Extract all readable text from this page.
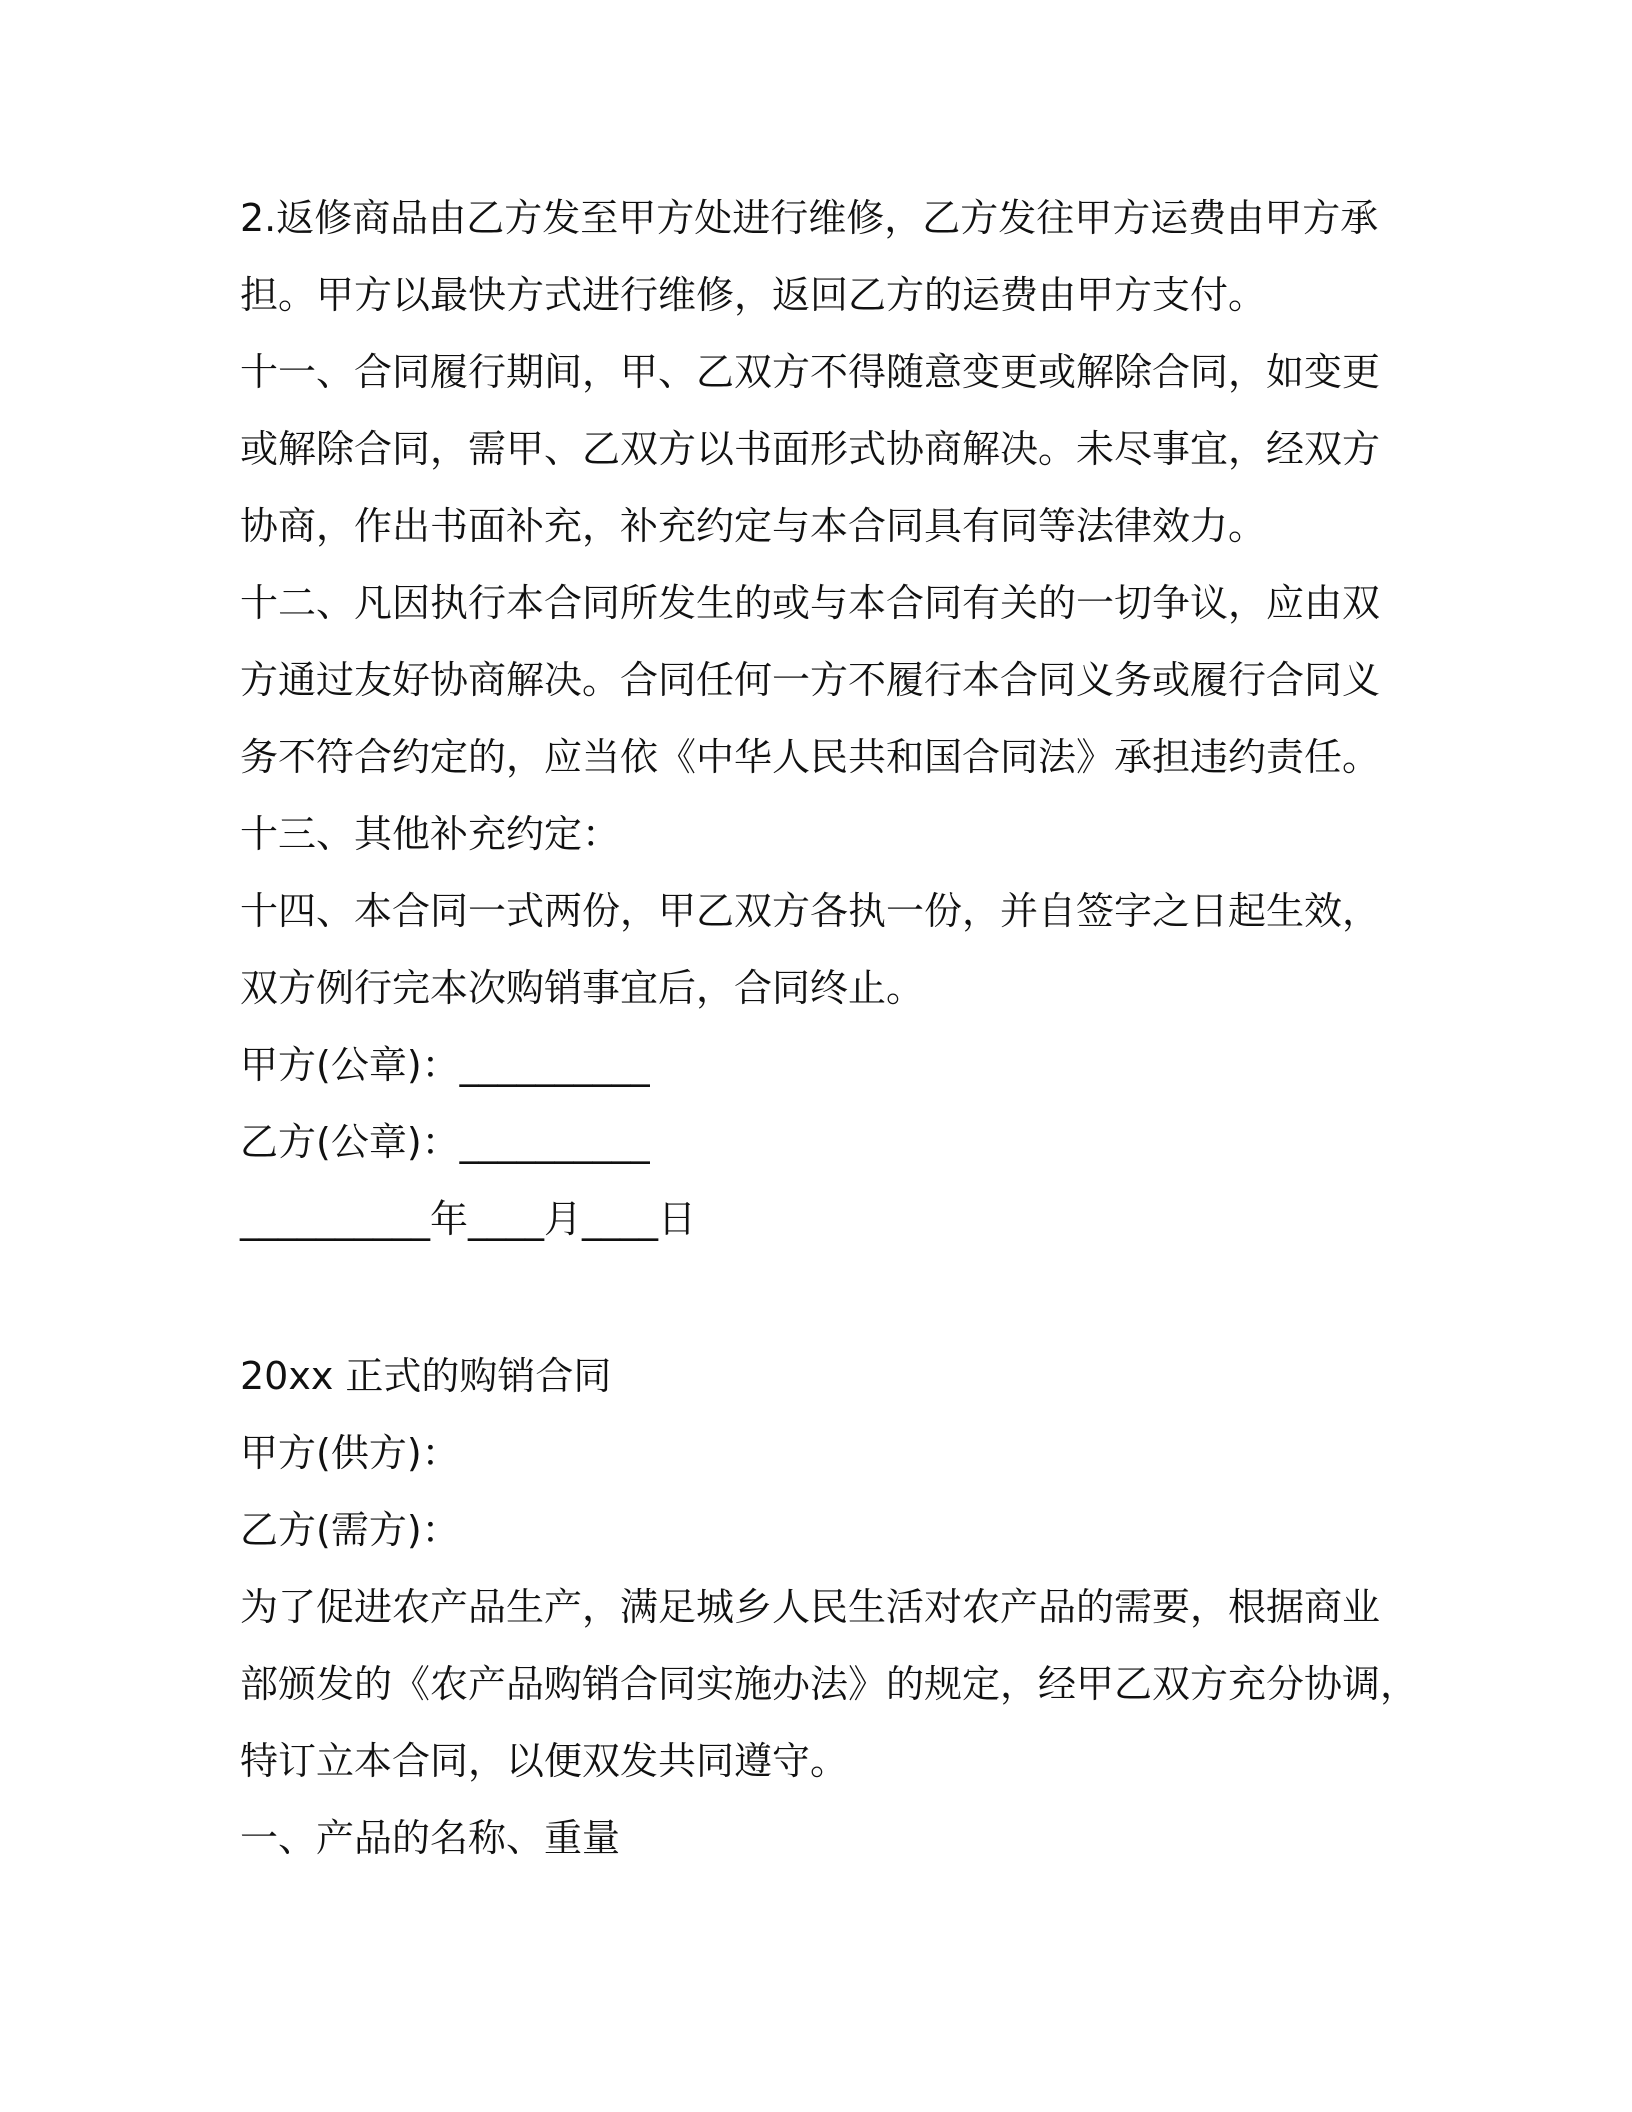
2.返修商品由乙方发至甲方处进行维修，乙方发往甲方运费由甲方承

担。甲方以最快方式进行维修，返回乙方的运费由甲方支付。

十一、合同履行期间，甲、乙双方不得随意变更或解除合同，如变更

或解除合同，需甲、乙双方以书面形式协商解决。未尽事宜，经双方

协商，作出书面补充，补充约定与本合同具有同等法律效力。

十二、凡因执行本合同所发生的或与本合同有关的一切争议，应由双

方通过友好协商解决。合同任何一方不履行本合同义务或履行合同义

务不符合约定的，应当依《中华人民共和国合同法》承担违约责任。

十三、其他补充约定：

十四、本合同一式两份，甲乙双方各执一份，并自签字之日起生效，

双方例行完本次购销事宜后，合同终止。

甲方(公章)：__________

乙方(公章)：__________

__________年____月____日

20xx 正式的购销合同

甲方(供方)：

乙方(需方)：

为了促进农产品生产，满足城乡人民生活对农产品的需要，根据商业

部颁发的《农产品购销合同实施办法》的规定，经甲乙双方充分协调，

特订立本合同，以便双发共同遵守。

一、产品的名称、重量
